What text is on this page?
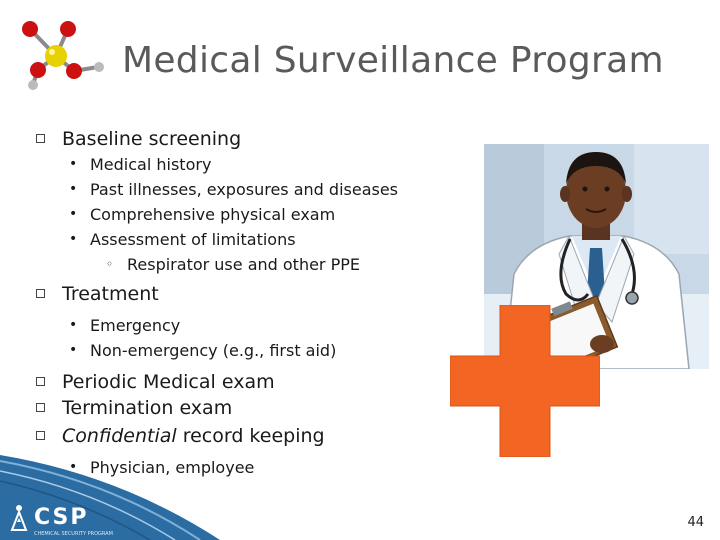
Medical Surveillance Program
Baseline screening
• Medical history
• Past illnesses, exposures and diseases
• Comprehensive physical exam
• Assessment of limitations
◦ Respirator use and other PPE
Treatment
• Emergency
• Non-emergency (e.g., first aid)
Periodic Medical exam
Termination exam
Confidential record keeping
• Physician, employee
CSP
CHEMICAL SECURITY PROGRAM
44
